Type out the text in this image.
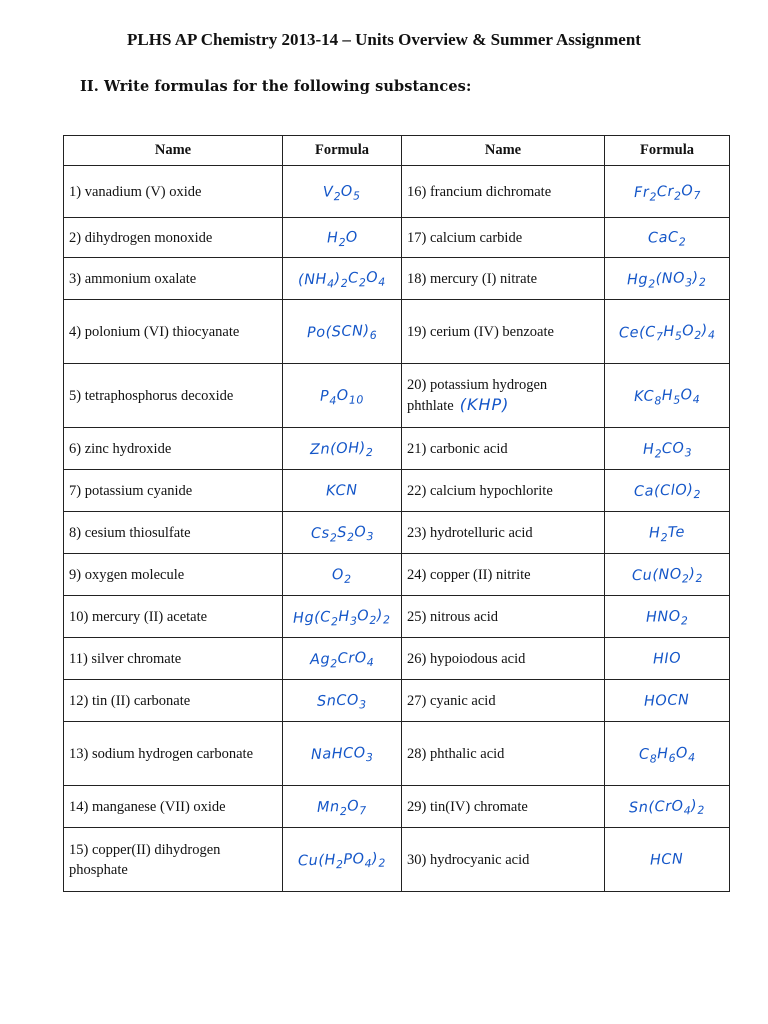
PLHS AP Chemistry 2013-14 – Units Overview & Summer Assignment
II. Write formulas for the following substances:
Name	Formula	Name	Formula
1) vanadium (V) oxide	$V_2O_5$	16) francium dichromate	$Fr_2Cr_2O_7$
2) dihydrogen monoxide	$H_2O$	17) calcium carbide	CaC$_2$
3) ammonium oxalate	$(NH_4)_2C_2O_4$	18) mercury (I) nitrate	$Hg_2(NO_3)_2$
4) polonium (VI) thiocyanate	$Po(SCN)_6$	19) cerium (IV) benzoate	$Ce(C_7H_5O_2)_4$
5) tetraphosphorus decoxide	$P_4O_{10}$	20) potassium hydrogen phthlate (KHP)	$KC_8H_5O_4$
6) zinc hydroxide	$Zn(OH)_2$	21) carbonic acid	$H_2CO_3$
7) potassium cyanide	KCN	22) calcium hypochlorite	$Ca(ClO)_2$
8) cesium thiosulfate	$Cs_2S_2O_3$	23) hydrotelluric acid	$H_2Te$
9) oxygen molecule	$O_2$	24) copper (II) nitrite	$Cu(NO_2)_2$
10) mercury (II) acetate	$Hg(C_2H_3O_2)_2$	25) nitrous acid	$HNO_2$
11) silver chromate	$Ag_2CrO_4$	26) hypoiodous acid	HIO
12) tin (II) carbonate	SnCO$_3$	27) cyanic acid	HOCN
13) sodium hydrogen carbonate	NaHCO$_3$	28) phthalic acid	$C_8H_6O_4$
14) manganese (VII) oxide	$Mn_2O_7$	29) tin(IV) chromate	$Sn(CrO_4)_2$
15) copper(II) dihydrogen phosphate	$Cu(H_2PO_4)_2$	30) hydrocyanic acid	HCN
